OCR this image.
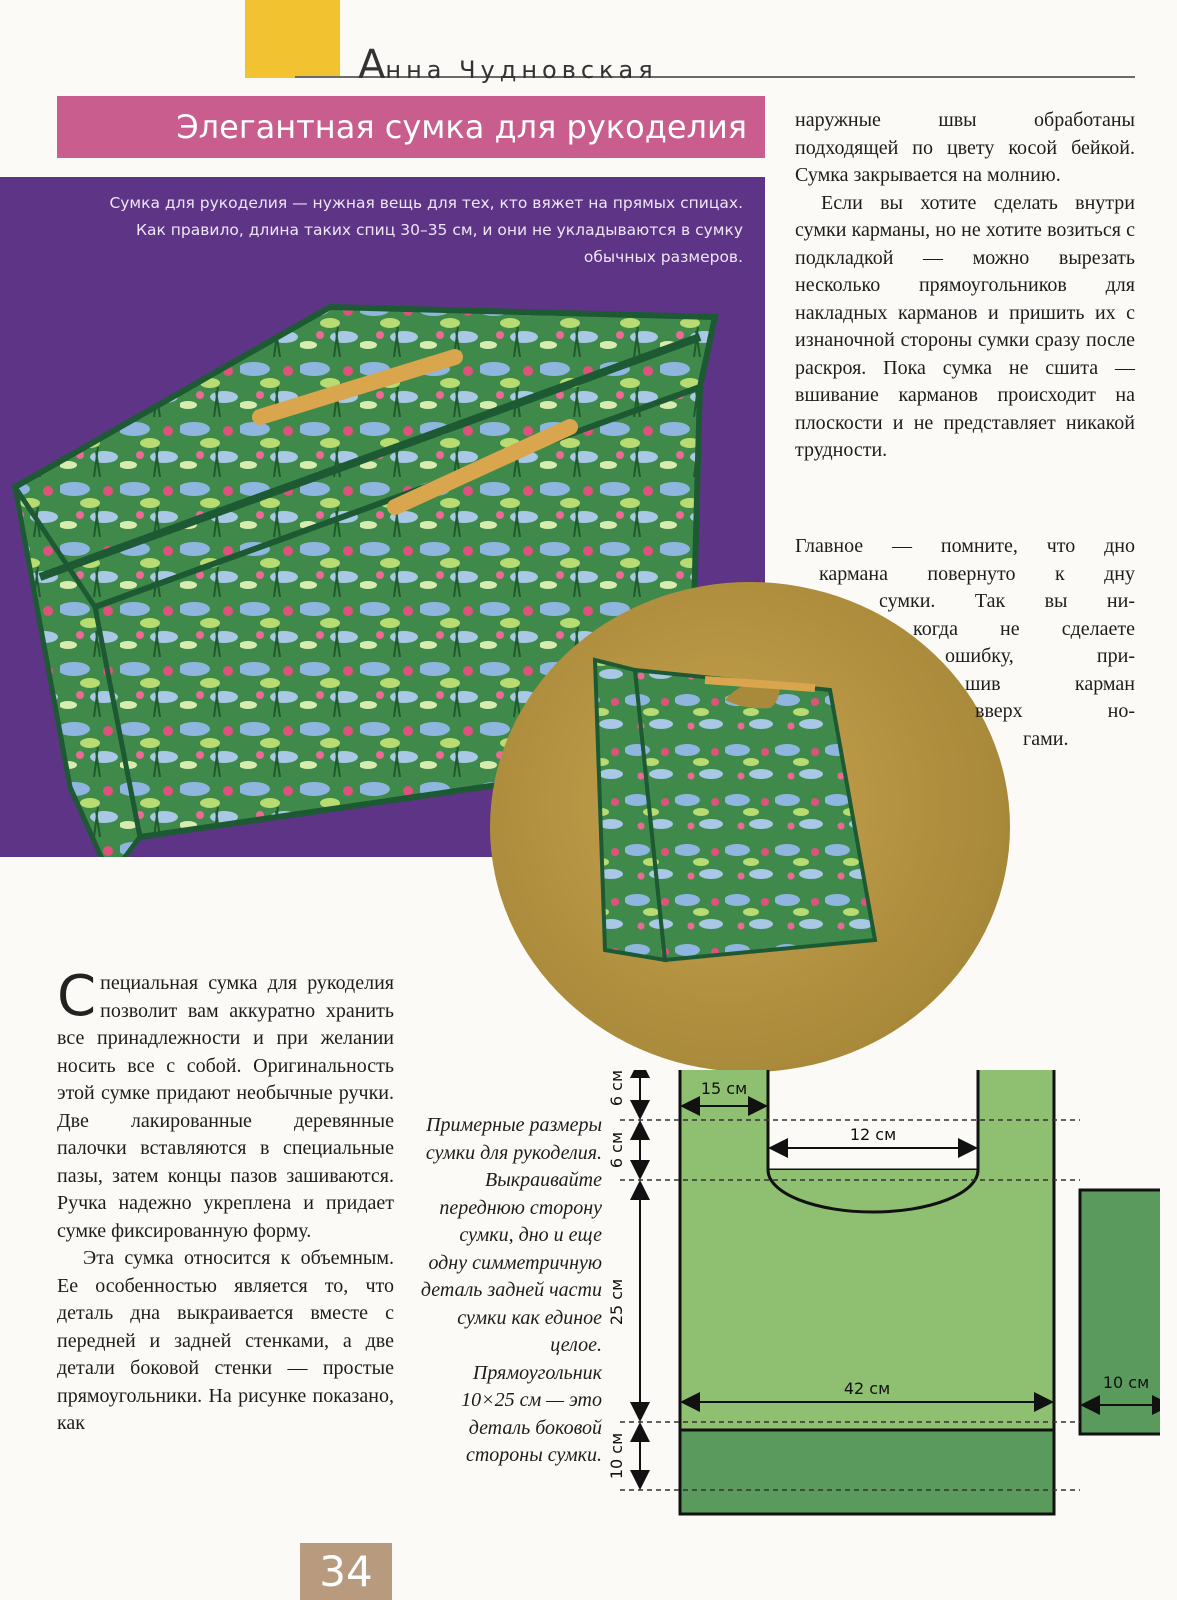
Анна Чудновская
Элегантная сумка для рукоделия
Сумка для рукоделия — нужная вещь для тех, кто вяжет на прямых спицах. Как правило, длина таких спиц 30–35 см, и они не укладываются в сумку обычных размеров.

наружные швы обработаны подходящей по цвету косой бейкой. Сумка закрывается на молнию.

Если вы хотите сделать внутри сумки карманы, но не хотите возиться с подкладкой — можно вырезать несколько прямоугольников для накладных карманов и пришить их с изнаночной стороны сумки сразу после раскроя. Пока сумка не сшита — вшивание карманов происходит на плоскости и не представляет никакой трудности.

Главное — помните, что дно
кармана повернуто к дну
сумки. Так вы ни-
когда не сделаете
ошибку, при-
шив карман
вверх но-
гами.

Специальная сумка для рукоделия позволит вам аккуратно хранить все принадлежности и при желании носить все с собой. Оригинальность этой сумке придают необычные ручки. Две лакированные деревянные палочки вставляются в специальные пазы, затем концы пазов зашиваются. Ручка надежно укреплена и придает сумке фиксированную форму.

Эта сумка относится к объемным. Ее особенностью является то, что деталь дна выкраивается вместе с передней и задней стенками, а две детали боковой стенки — простые прямоугольники. На рисунке показано, как

Примерные размеры сумки для рукоделия. Выкраивайте переднюю сторону сумки, дно и еще одну симметричную деталь задней части сумки как единое целое. Прямоугольник 10×25 см — это деталь боковой стороны сумки.
6 см
6 см
25 см
10 см
15 см
12 см
42 см	10 см
34
